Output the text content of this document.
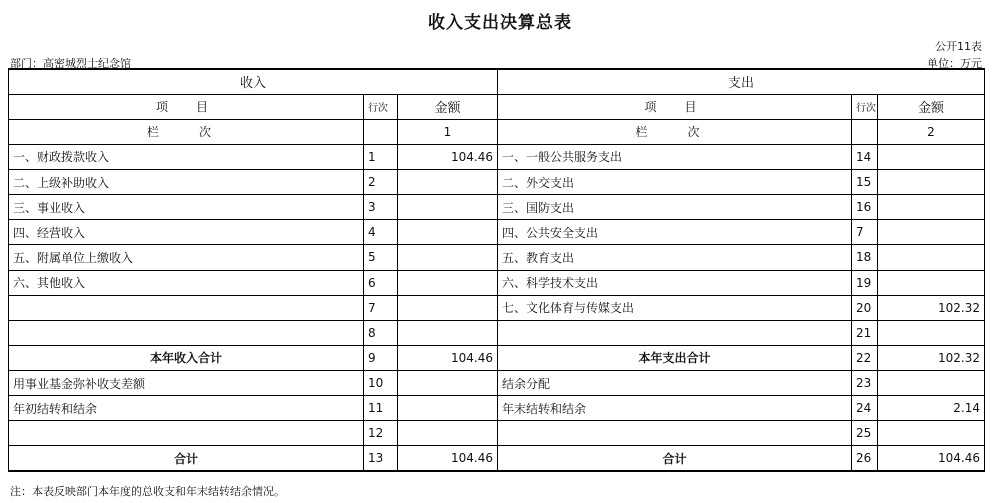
收入支出决算总表
公开11表
部门：高密城烈士纪念馆	单位：万元
收入			支出		
项　目	行次	金额	项　目	行次	金额
栏　次		1	栏　次		2
一、财政拨款收入	1	104.46	一、一般公共服务支出	14	
二、上级补助收入	2		二、外交支出	15	
三、事业收入	3		三、国防支出	16	
四、经营收入	4		四、公共安全支出	7	
五、附属单位上缴收入	5		五、教育支出	18	
六、其他收入	6		六、科学技术支出	19	
	7		七、文化体育与传媒支出	20	102.32
	8			21	
本年收入合计	9	104.46	本年支出合计	22	102.32
用事业基金弥补收支差额	10		结余分配	23	
年初结转和结余	11		年末结转和结余	24	2.14
	12			25	
合计	13	104.46	合计	26	104.46
注：本表反映部门本年度的总收支和年末结转结余情况。
